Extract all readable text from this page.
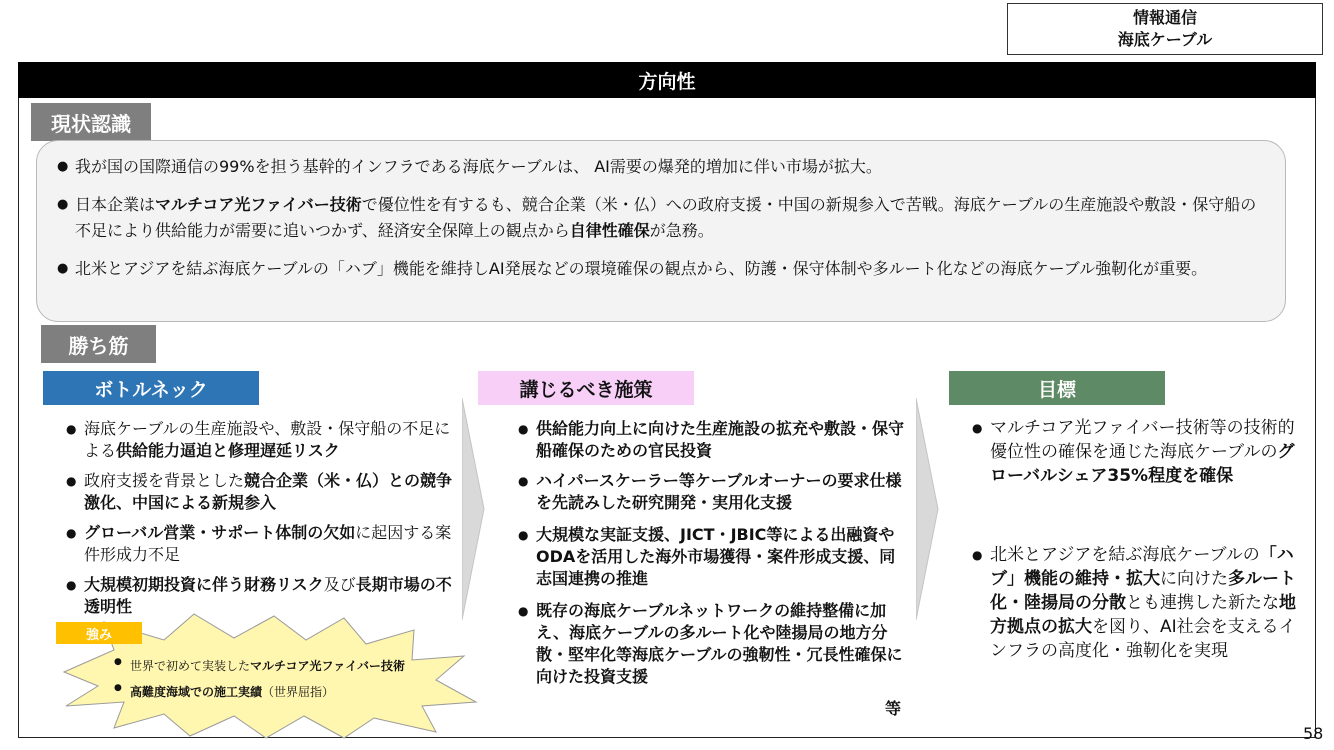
情報通信
海底ケーブル
方向性
現状認識
● 我が国の国際通信の99%を担う基幹的インフラである海底ケーブルは、 AI需要の爆発的増加に伴い市場が拡大。
● 日本企業はマルチコア光ファイバー技術で優位性を有するも、競合企業（米・仏）への政府支援・中国の新規参入で苦戦。海底ケーブルの生産施設や敷設・保守船の不足により供給能力が需要に追いつかず、経済安全保障上の観点から自律性確保が急務。
● 北米とアジアを結ぶ海底ケーブルの「ハブ」機能を維持しAI発展などの環境確保の観点から、防護・保守体制や多ルート化などの海底ケーブル強靭化が重要。
勝ち筋
ボトルネック	講じるべき施策	目標
● 海底ケーブルの生産施設や、敷設・保守船の不足による供給能力逼迫と修理遅延リスク
● 政府支援を背景とした競合企業（米・仏）との競争激化、中国による新規参入
● グローバル営業・サポート体制の欠如に起因する案件形成力不足
● 大規模初期投資に伴う財務リスク及び長期市場の不透明性
強み
● 世界で初めて実装したマルチコア光ファイバー技術
● 高難度海域での施工実績（世界屈指）
● 供給能力向上に向けた生産施設の拡充や敷設・保守船確保のための官民投資
● ハイパースケーラー等ケーブルオーナーの要求仕様を先読みした研究開発・実用化支援
● 大規模な実証支援、JICT・JBIC等による出融資やODAを活用した海外市場獲得・案件形成支援、同志国連携の推進
● 既存の海底ケーブルネットワークの維持整備に加え、海底ケーブルの多ルート化や陸揚局の地方分散・堅牢化等海底ケーブルの強靭性・冗長性確保に向けた投資支援
等
● マルチコア光ファイバー技術等の技術的優位性の確保を通じた海底ケーブルのグローバルシェア35%程度を確保
● 北米とアジアを結ぶ海底ケーブルの「ハブ」機能の維持・拡大に向けた多ルート化・陸揚局の分散とも連携した新たな地方拠点の拡大を図り、AI社会を支えるインフラの高度化・強靭化を実現
58
